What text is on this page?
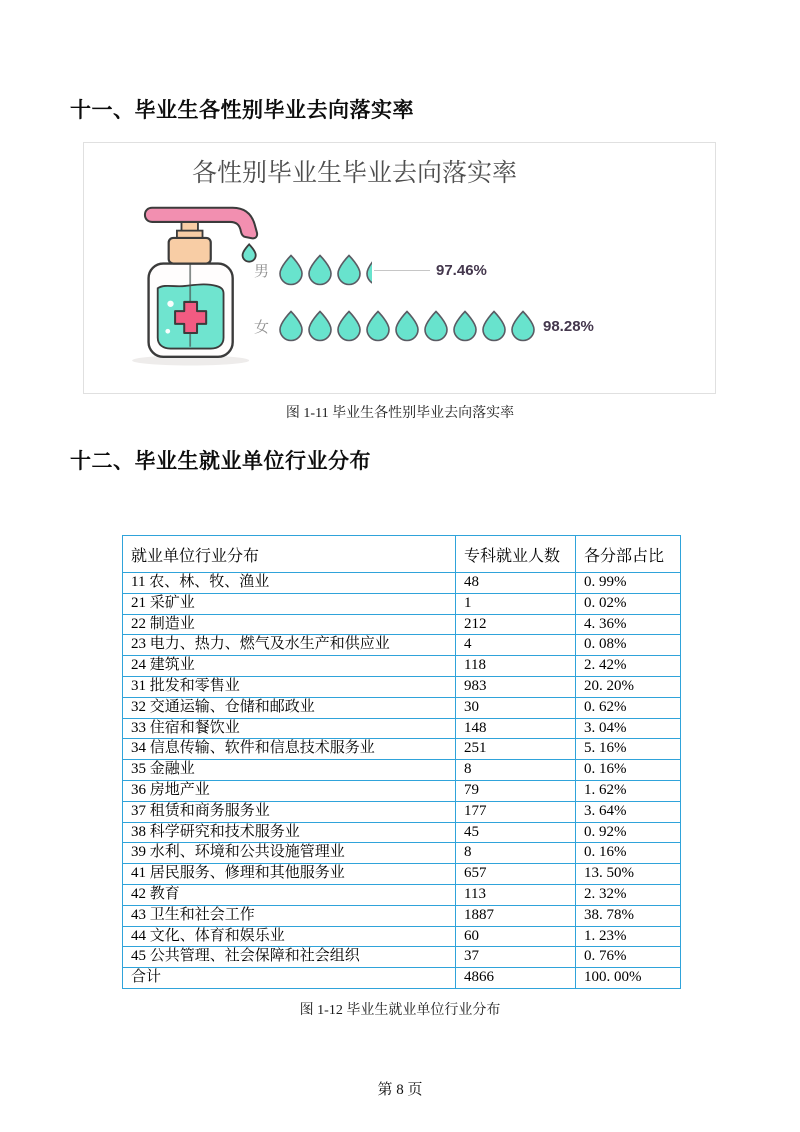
十一、毕业生各性别毕业去向落实率
各性别毕业生毕业去向落实率
男	97.46%
女	98.28%
图 1-11 毕业生各性别毕业去向落实率
十二、毕业生就业单位行业分布
就业单位行业分布	专科就业人数	各分部占比
11 农、林、牧、渔业	48	0. 99%
21 采矿业	1	0. 02%
22 制造业	212	4. 36%
23 电力、热力、燃气及水生产和供应业	4	0. 08%
24 建筑业	118	2. 42%
31 批发和零售业	983	20. 20%
32 交通运输、仓储和邮政业	30	0. 62%
33 住宿和餐饮业	148	3. 04%
34 信息传输、软件和信息技术服务业	251	5. 16%
35 金融业	8	0. 16%
36 房地产业	79	1. 62%
37 租赁和商务服务业	177	3. 64%
38 科学研究和技术服务业	45	0. 92%
39 水利、环境和公共设施管理业	8	0. 16%
41 居民服务、修理和其他服务业	657	13. 50%
42 教育	113	2. 32%
43 卫生和社会工作	1887	38. 78%
44 文化、体育和娱乐业	60	1. 23%
45 公共管理、社会保障和社会组织	37	0. 76%
合计	4866	100. 00%
图 1-12 毕业生就业单位行业分布
第 8 页
